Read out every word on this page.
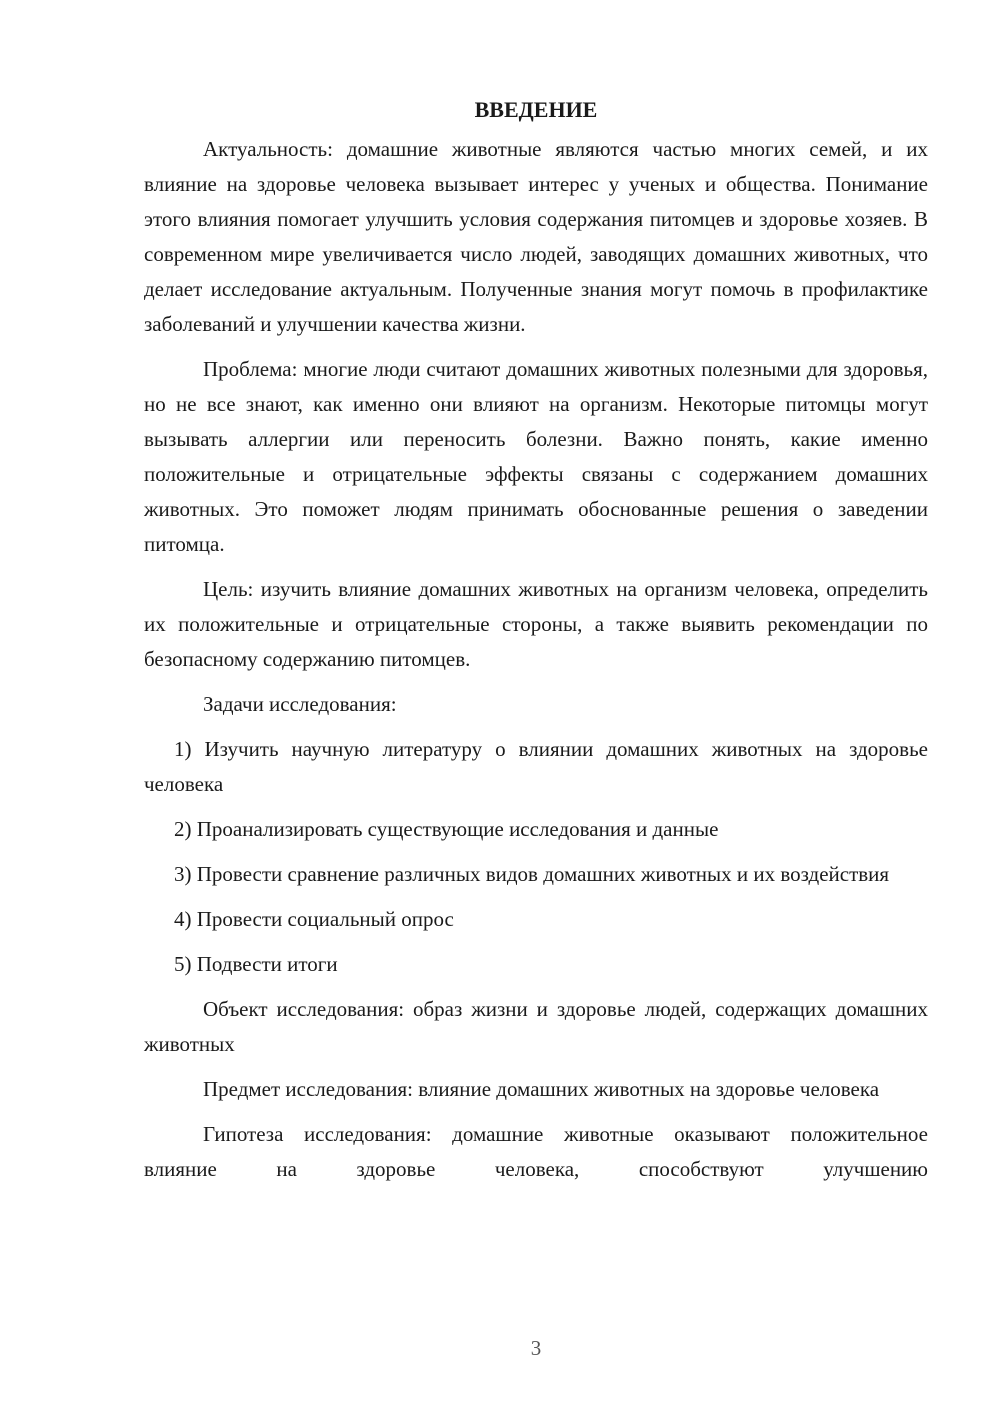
ВВЕДЕНИЕ

Актуальность: домашние животные являются частью многих семей, и их влияние на здоровье человека вызывает интерес у ученых и общества. Понимание этого влияния помогает улучшить условия содержания питомцев и здоровье хозяев. В современном мире увеличивается число людей, заводящих домашних животных, что делает исследование актуальным. Полученные знания могут помочь в профилактике заболеваний и улучшении качества жизни.

Проблема: многие люди считают домашних животных полезными для здоровья, но не все знают, как именно они влияют на организм. Некоторые питомцы могут вызывать аллергии или переносить болезни. Важно понять, какие именно положительные и отрицательные эффекты связаны с содержанием домашних животных. Это поможет людям принимать обоснованные решения о заведении питомца.

Цель: изучить влияние домашних животных на организм человека, определить их положительные и отрицательные стороны, а также выявить рекомендации по безопасному содержанию питомцев.

Задачи исследования:

1) Изучить научную литературу о влиянии домашних животных на здоровье человека

2) Проанализировать существующие исследования и данные

3) Провести сравнение различных видов домашних животных и их воздействия

4) Провести социальный опрос

5) Подвести итоги

Объект исследования: образ жизни и здоровье людей, содержащих домашних животных

Предмет исследования: влияние домашних животных на здоровье человека

Гипотеза исследования: домашние животные оказывают положительное влияние на здоровье человека, способствуют улучшению

3
